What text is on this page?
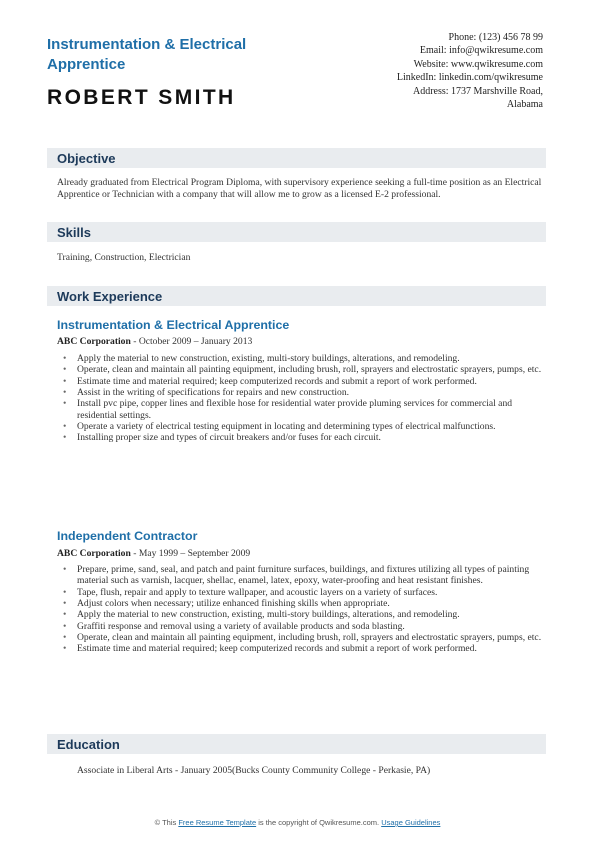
Instrumentation & Electrical Apprentice
ROBERT SMITH
Phone: (123) 456 78 99
Email: info@qwikresume.com
Website: www.qwikresume.com
LinkedIn: linkedin.com/qwikresume
Address: 1737 Marshville Road, Alabama
Objective
Already graduated from Electrical Program Diploma, with supervisory experience seeking a full-time position as an Electrical Apprentice or Technician with a company that will allow me to grow as a licensed E-2 professional.
Skills
Training, Construction, Electrician
Work Experience
Instrumentation & Electrical Apprentice
ABC Corporation - October 2009 – January 2013
• Apply the material to new construction, existing, multi-story buildings, alterations, and remodeling.
• Operate, clean and maintain all painting equipment, including brush, roll, sprayers and electrostatic sprayers, pumps, etc.
• Estimate time and material required; keep computerized records and submit a report of work performed.
• Assist in the writing of specifications for repairs and new construction.
• Install pvc pipe, copper lines and flexible hose for residential water provide pluming services for commercial and residential settings.
• Operate a variety of electrical testing equipment in locating and determining types of electrical malfunctions.
• Installing proper size and types of circuit breakers and/or fuses for each circuit.
Independent Contractor
ABC Corporation - May 1999 – September 2009
• Prepare, prime, sand, seal, and patch and paint furniture surfaces, buildings, and fixtures utilizing all types of painting material such as varnish, lacquer, shellac, enamel, latex, epoxy, water-proofing and heat resistant finishes.
• Tape, flush, repair and apply to texture wallpaper, and acoustic layers on a variety of surfaces.
• Adjust colors when necessary; utilize enhanced finishing skills when appropriate.
• Apply the material to new construction, existing, multi-story buildings, alterations, and remodeling.
• Graffiti response and removal using a variety of available products and soda blasting.
• Operate, clean and maintain all painting equipment, including brush, roll, sprayers and electrostatic sprayers, pumps, etc.
• Estimate time and material required; keep computerized records and submit a report of work performed.
Education
Associate in Liberal Arts - January 2005(Bucks County Community College - Perkasie, PA)
© This Free Resume Template is the copyright of Qwikresume.com. Usage Guidelines
